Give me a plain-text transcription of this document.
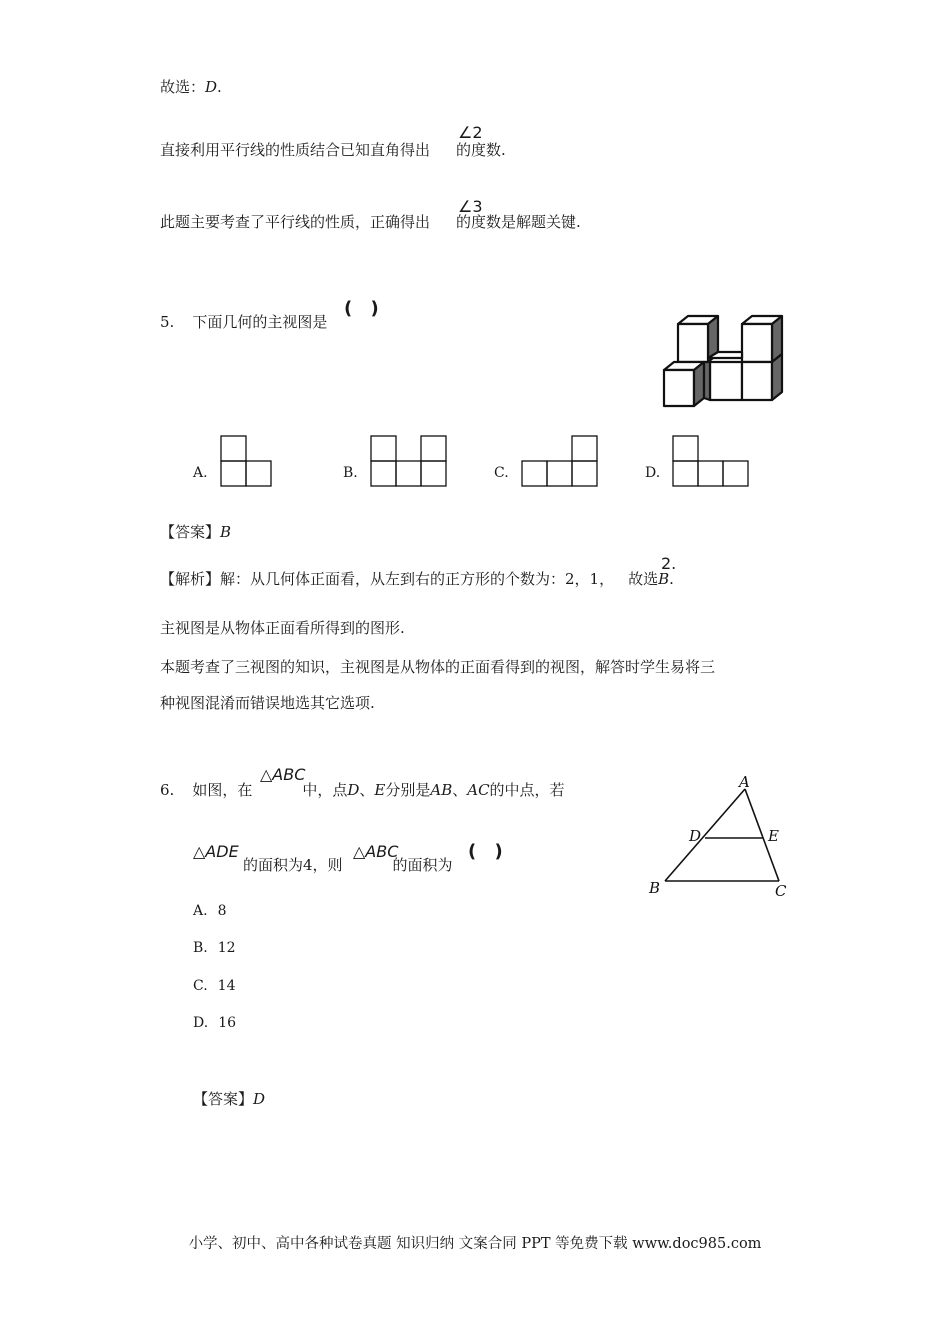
故选：D.
直接利用平行线的性质结合已知直角得出 的度数.
∠2
此题主要考查了平行线的性质，正确得出 的度数是解题关键.
∠3
5. 下面几何的主视图是
( )
A.	B.	C.	D.
【答案】B
【解析】解：从几何体正面看，从左到右的正方形的个数为：2，1， 故选B.
2.
主视图是从物体正面看所得到的图形.
本题考查了三视图的知识，主视图是从物体的正面看得到的视图，解答时学生易将三
种视图混淆而错误地选其它选项.
6. 如图，在	中，点D、E分别是AB、AC的中点，若
△ABC
的面积为4，则	的面积为
△ADE	△ABC	( )
A
D	E
B	C
A. 8
B. 12
C. 14
D. 16
【答案】D
小学、初中、高中各种试卷真题 知识归纳 文案合同 PPT 等免费下载 www.doc985.com
